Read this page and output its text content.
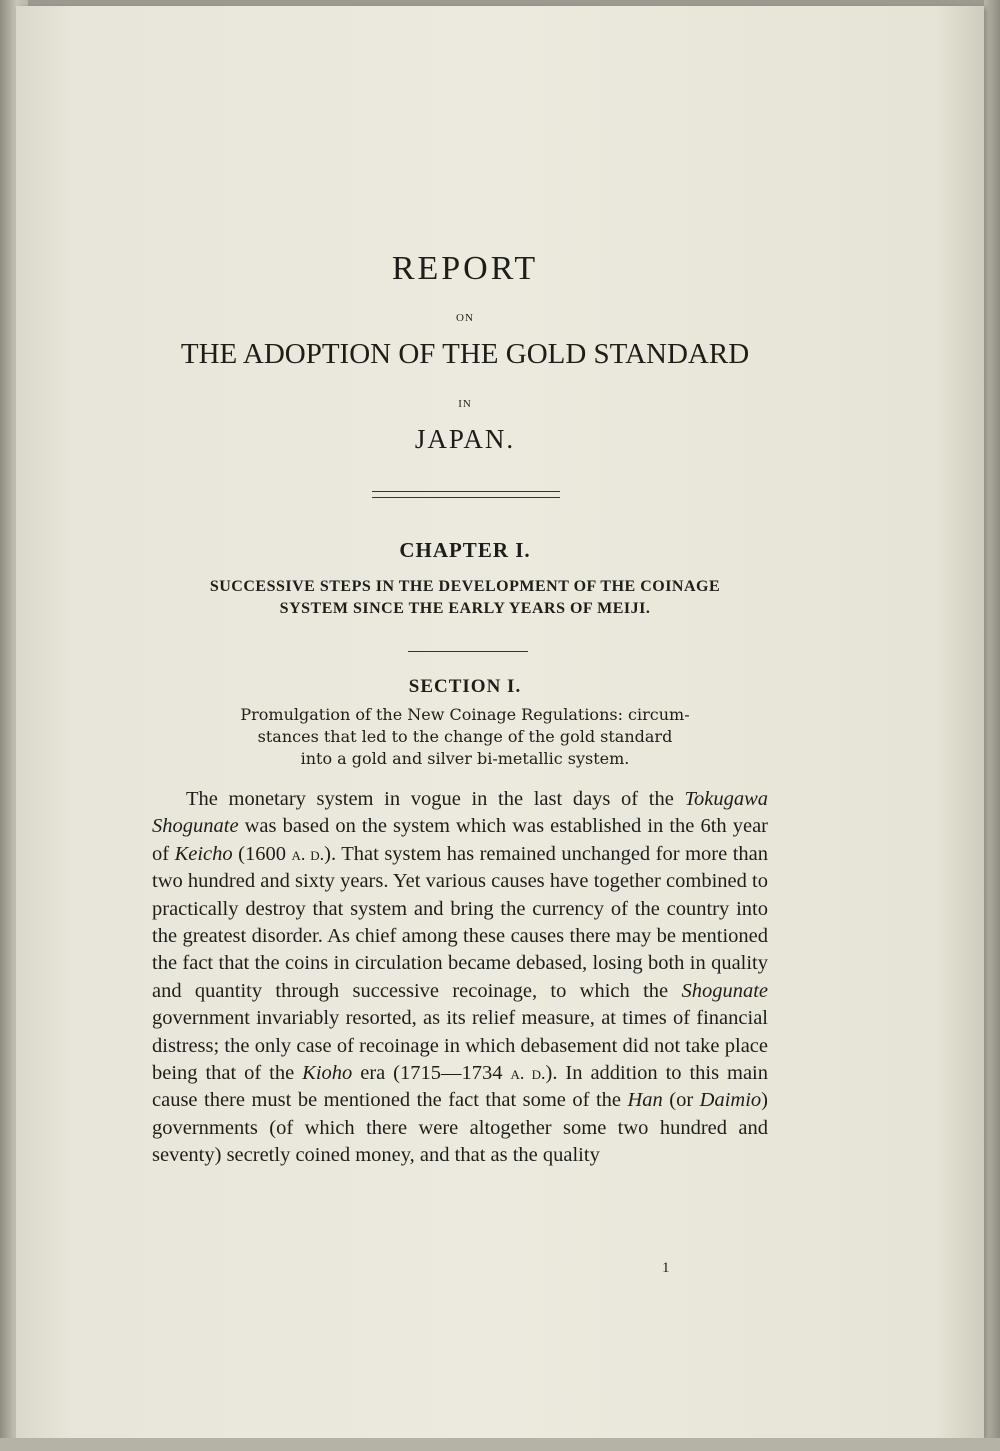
REPORT
ON
THE ADOPTION OF THE GOLD STANDARD
IN
JAPAN.
CHAPTER I.
SUCCESSIVE STEPS IN THE DEVELOPMENT OF THE COINAGE
SYSTEM SINCE THE EARLY YEARS OF MEIJI.
SECTION I.
Promulgation of the New Coinage Regulations: circum-
stances that led to the change of the gold standard
into a gold and silver bi-metallic system.

The monetary system in vogue in the last days of the Tokugawa Shogunate was based on the system which was established in the 6th year of Keicho (1600 a. d.). That system has remained unchanged for more than two hundred and sixty years. Yet various causes have together combined to practically destroy that system and bring the currency of the country into the greatest disorder. As chief among these causes there may be mentioned the fact that the coins in circulation became debased, losing both in quality and quantity through successive recoinage, to which the Shogunate government invariably resorted, as its relief measure, at times of financial distress; the only case of recoinage in which debasement did not take place being that of the Kioho era (1715—1734 a. d.). In addition to this main cause there must be mentioned the fact that some of the Han (or Daimio) governments (of which there were altogether some two hundred and seventy) secretly coined money, and that as the quality

1
